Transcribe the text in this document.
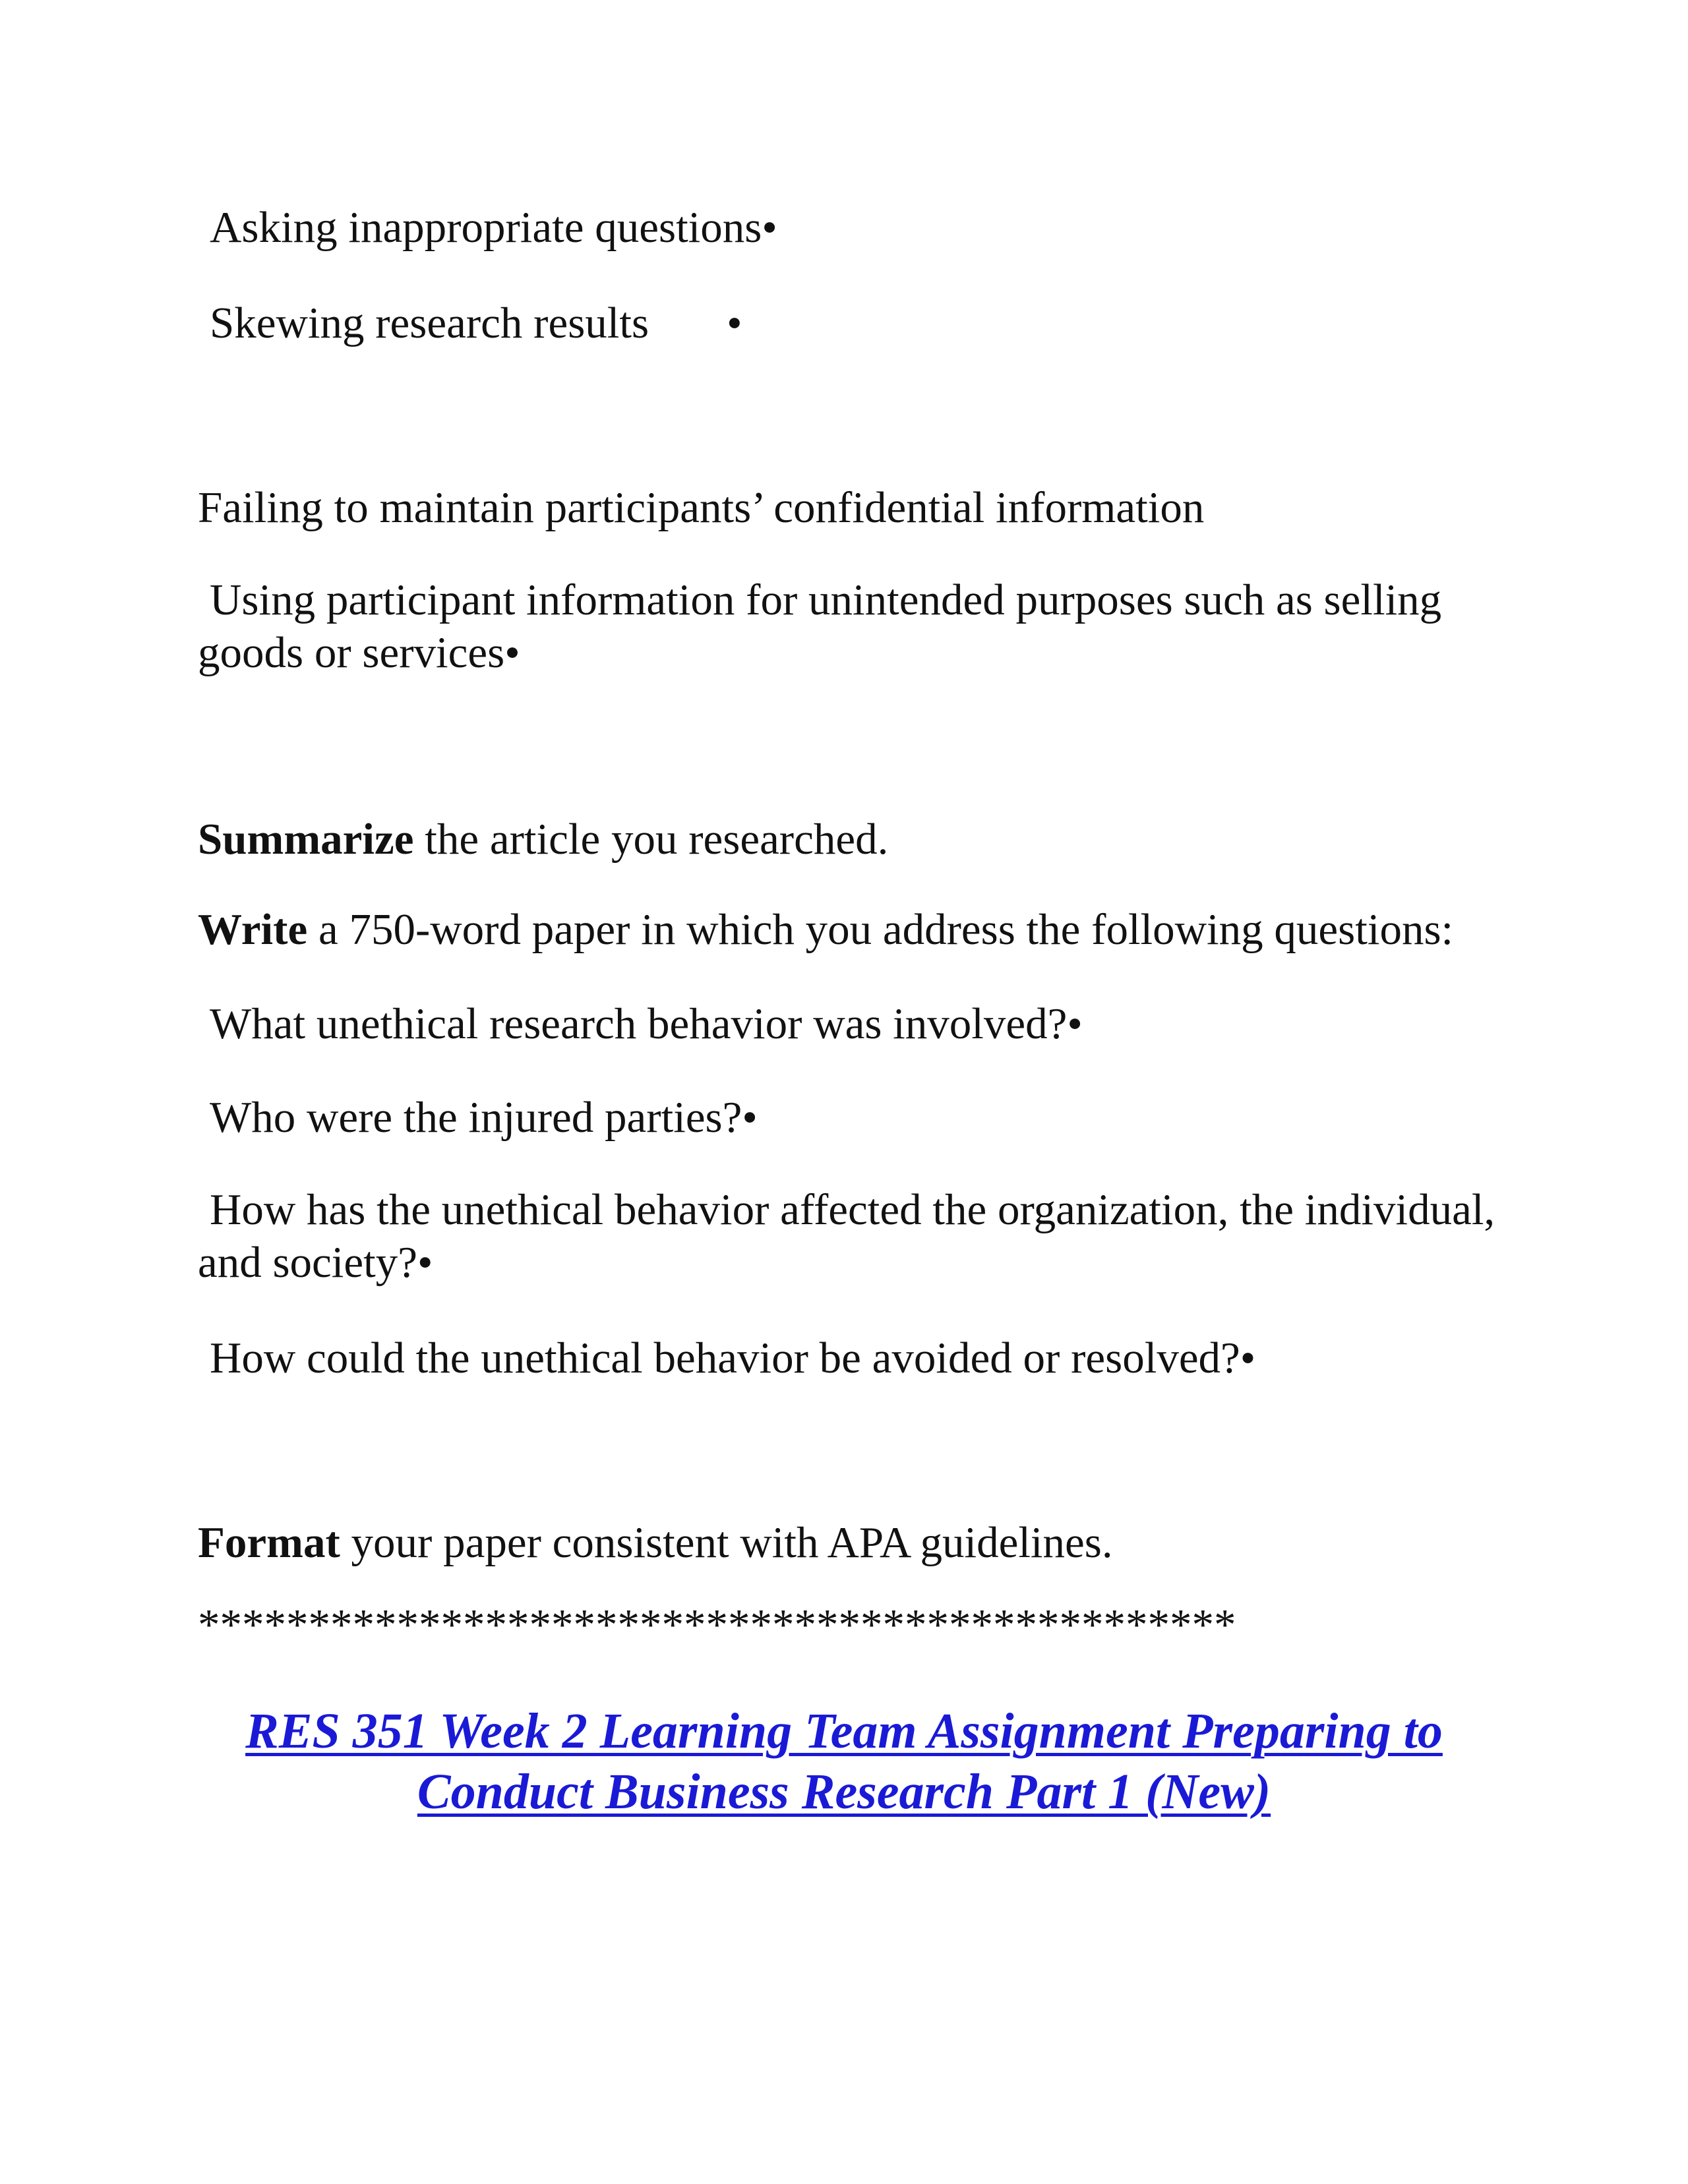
Asking inappropriate questions•

Skewing research results •

Failing to maintain participants’ confidential information

Using participant information for unintended purposes such as selling

goods or services•

Summarize the article you researched.

Write a 750-word paper in which you address the following questions:

What unethical research behavior was involved?•

Who were the injured parties?•

How has the unethical behavior affected the organization, the individual,

and society?•

How could the unethical behavior be avoided or resolved?•

Format your paper consistent with APA guidelines.

***********************************************
RES 351 Week 2 Learning Team Assignment Preparing to
Conduct Business Research Part 1 (New)
